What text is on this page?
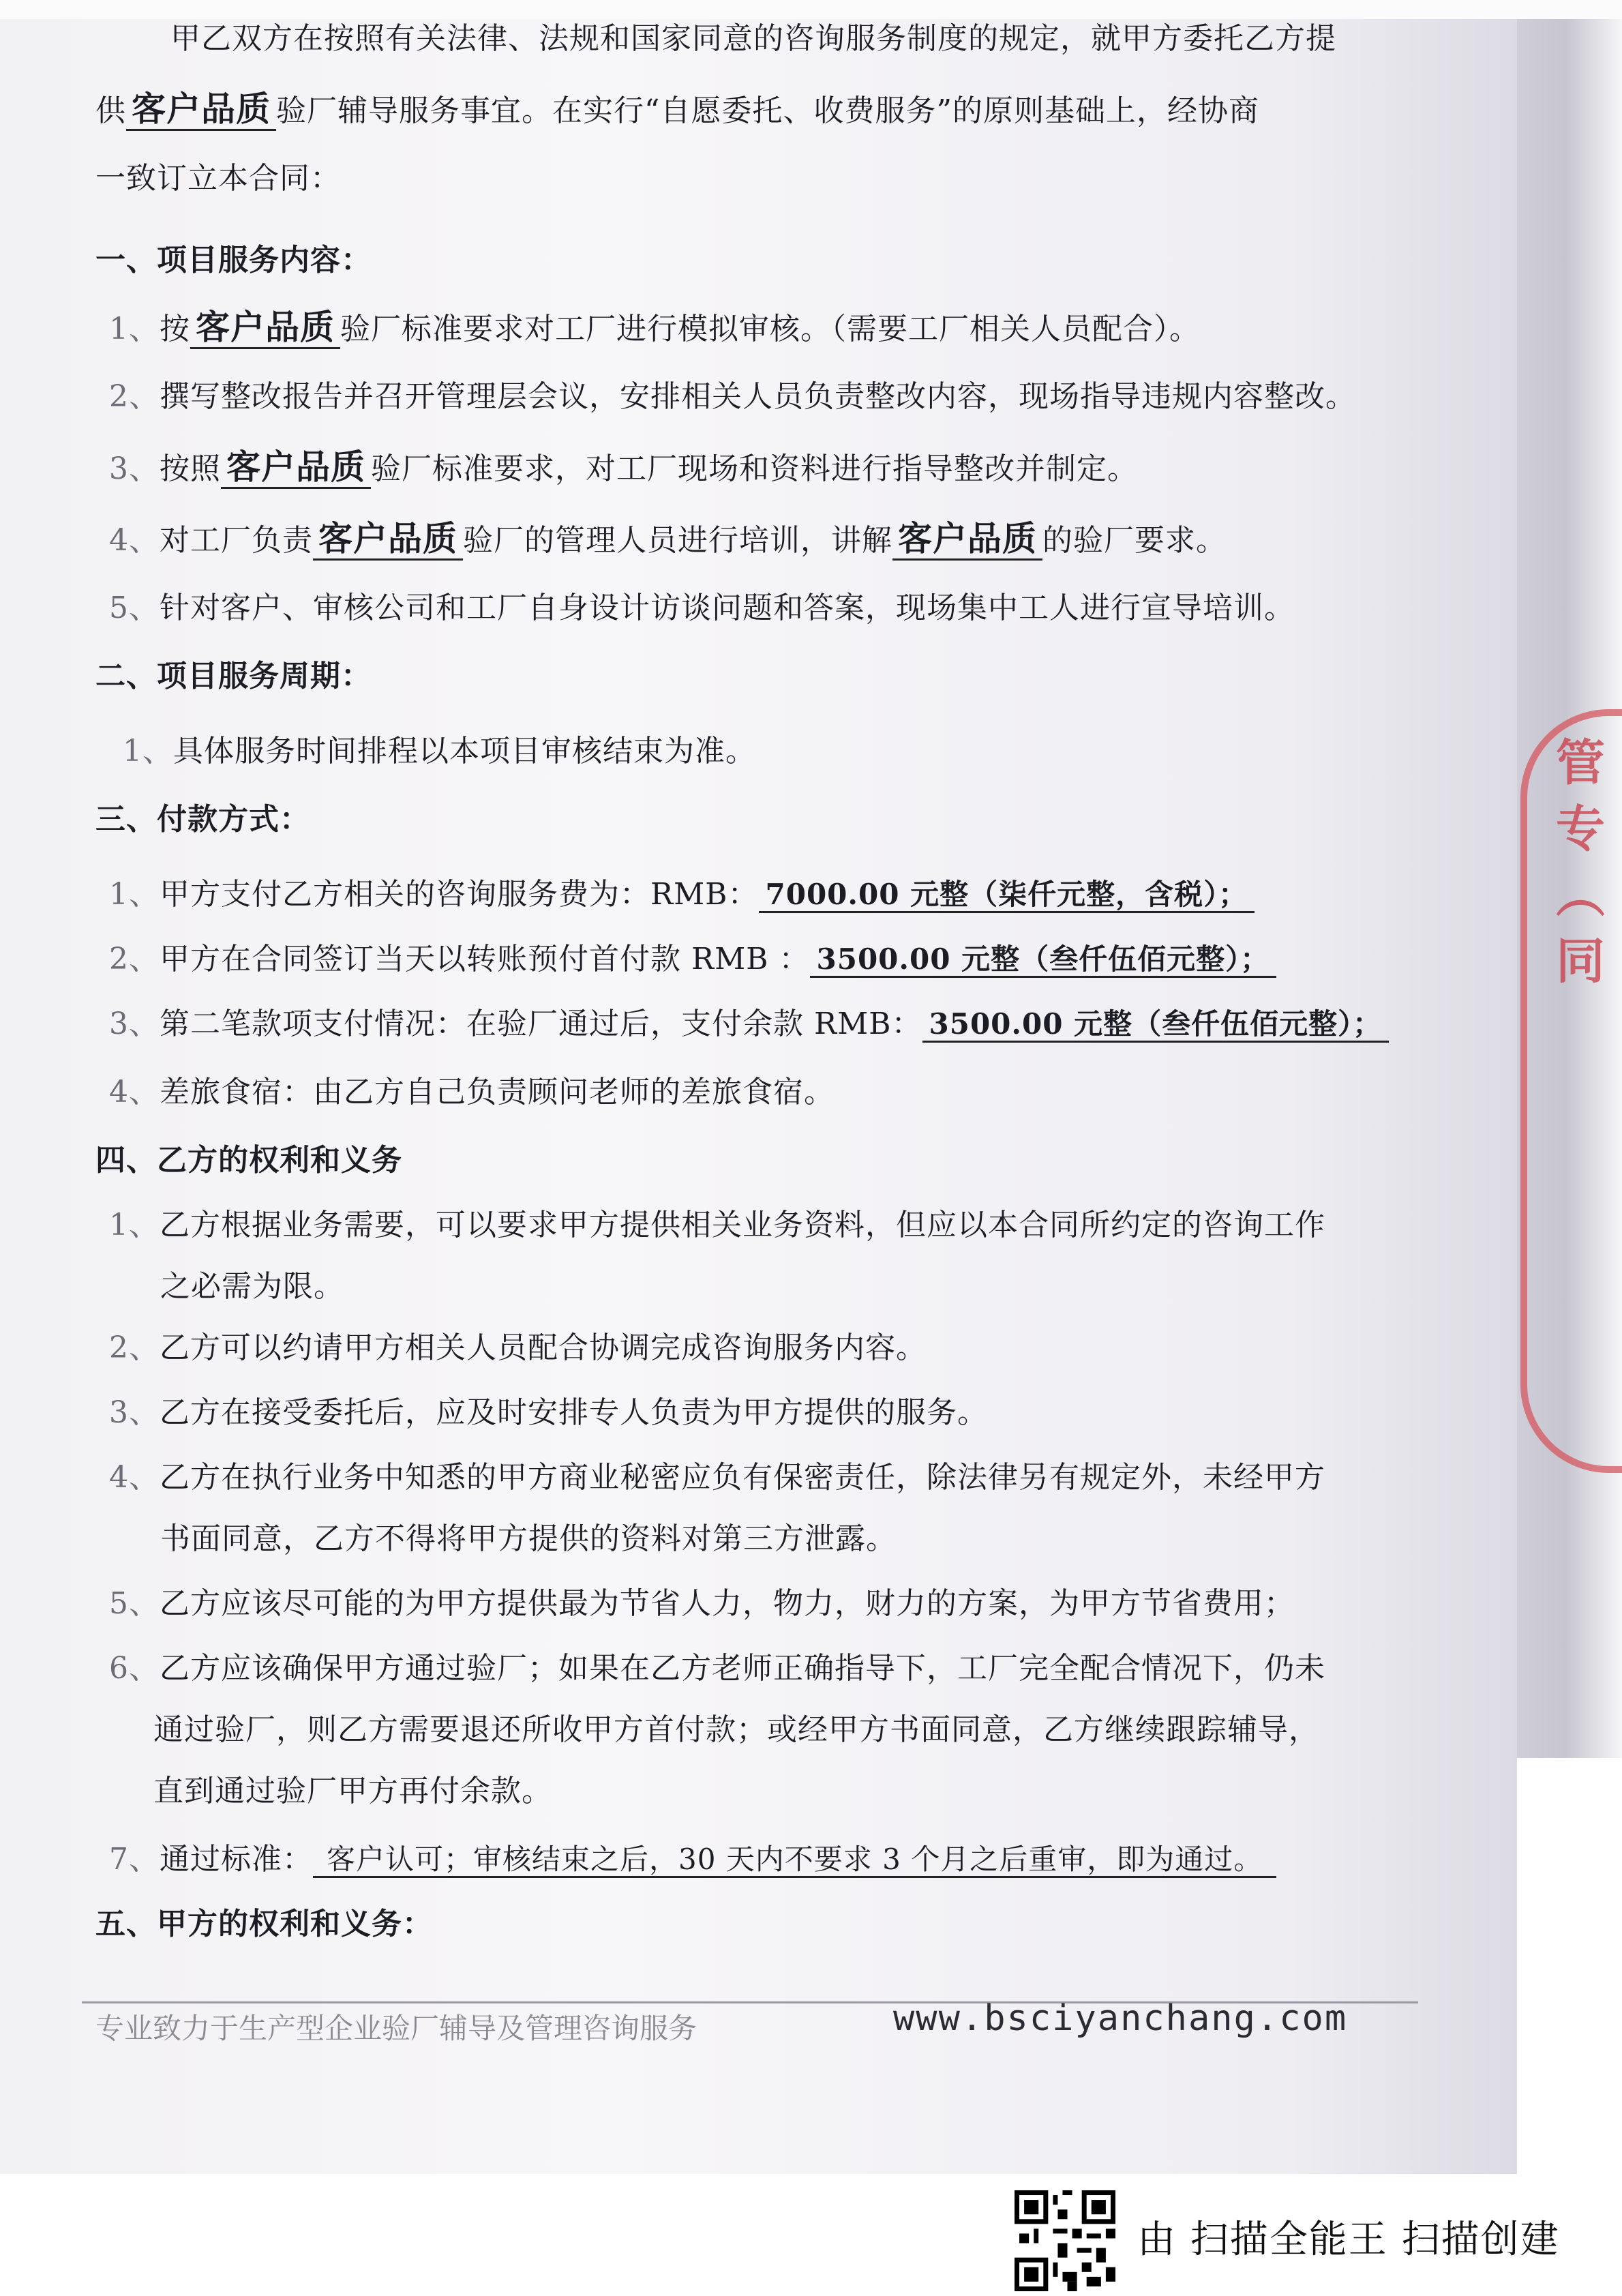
甲乙双方在按照有关法律、法规和国家同意的咨询服务制度的规定，就甲方委托乙方提
供 客户品质 验厂辅导服务事宜。在实行“自愿委托、收费服务”的原则基础上，经协商
一致订立本合同：
一、项目服务内容：
1、按 客户品质 验厂标准要求对工厂进行模拟审核。（需要工厂相关人员配合）。
2、撰写整改报告并召开管理层会议，安排相关人员负责整改内容，现场指导违规内容整改。
3、按照 客户品质 验厂标准要求，对工厂现场和资料进行指导整改并制定。
4、对工厂负责 客户品质 验厂的管理人员进行培训，讲解 客户品质 的验厂要求。
5、针对客户、审核公司和工厂自身设计访谈问题和答案，现场集中工人进行宣导培训。
二、项目服务周期：
1、具体服务时间排程以本项目审核结束为准。
三、付款方式：
1、甲方支付乙方相关的咨询服务费为：RMB： 7000.00 元整（柒仟元整，含税）；
2、甲方在合同签订当天以转账预付首付款 RMB ： 3500.00 元整（叁仟伍佰元整）；
3、第二笔款项支付情况：在验厂通过后，支付余款 RMB： 3500.00 元整（叁仟伍佰元整）；
4、差旅食宿：由乙方自己负责顾问老师的差旅食宿。
四、乙方的权利和义务
1、乙方根据业务需要，可以要求甲方提供相关业务资料，但应以本合同所约定的咨询工作
之必需为限。
2、乙方可以约请甲方相关人员配合协调完成咨询服务内容。
3、乙方在接受委托后，应及时安排专人负责为甲方提供的服务。
4、乙方在执行业务中知悉的甲方商业秘密应负有保密责任，除法律另有规定外，未经甲方
书面同意，乙方不得将甲方提供的资料对第三方泄露。
5、乙方应该尽可能的为甲方提供最为节省人力，物力，财力的方案，为甲方节省费用；
6、乙方应该确保甲方通过验厂；如果在乙方老师正确指导下，工厂完全配合情况下，仍未
通过验厂，则乙方需要退还所收甲方首付款；或经甲方书面同意，乙方继续跟踪辅导，
直到通过验厂甲方再付余款。
7、通过标准： 客户认可；审核结束之后，30 天内不要求 3 个月之后重审，即为通过。
五、甲方的权利和义务：
专业致力于生产型企业验厂辅导及管理咨询服务	www.bsciyanchang.com
管 专 （ 同
由 扫描全能王 扫描创建
